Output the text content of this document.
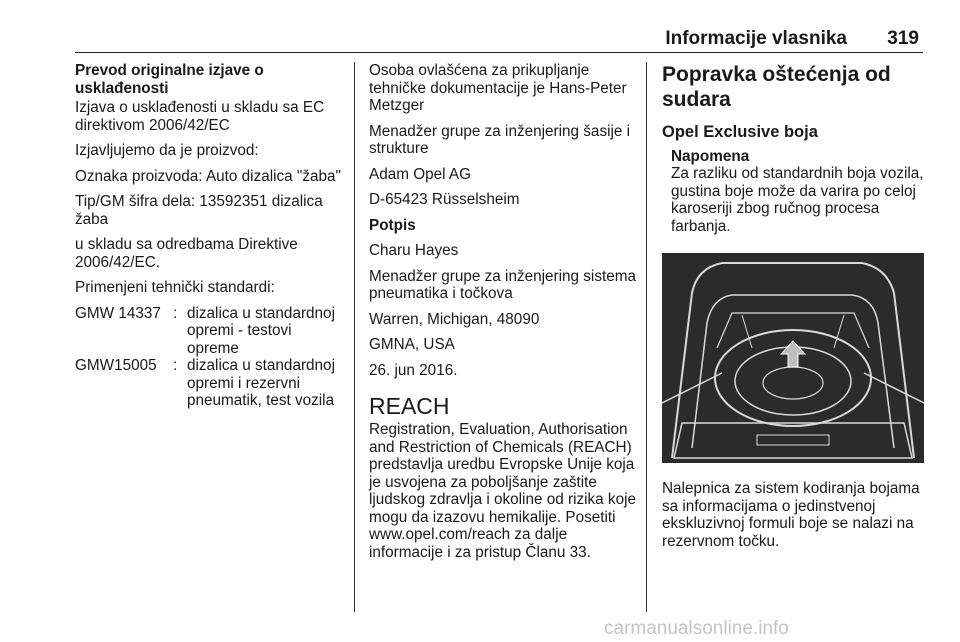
Informacije vlasnika 319

Prevod originalne izjave o usklađenosti

Izjava o usklađenosti u skladu sa EC direktivom 2006/42/EC

Izjavljujemo da je proizvod:

Oznaka proizvoda: Auto dizalica "žaba"

Tip/GM šifra dela: 13592351 dizalica žaba

u skladu sa odredbama Direktive 2006/42/EC.

Primenjeni tehnički standardi:

GMW 14337 : dizalica u standardnoj opremi - testovi opreme
GMW15005	: dizalica u standardnoj opremi i rezervni pneumatik, test vozila

Osoba ovlašćena za prikupljanje tehničke dokumentacije je Hans-Peter Metzger

Menadžer grupe za inženjering šasije i strukture

Adam Opel AG

D-65423 Rüsselsheim

Potpis

Charu Hayes

Menadžer grupe za inženjering sistema pneumatika i točkova

Warren, Michigan, 48090

GMNA, USA

26. jun 2016.

REACH

Registration, Evaluation, Authorisation and Restriction of Chemicals (REACH) predstavlja uredbu Evropske Unije koja je usvojena za poboljšanje zaštite ljudskog zdravlja i okoline od rizika koje mogu da izazovu hemikalije. Posetiti www.opel.com/reach za dalje informacije i za pristup Članu 33.

Popravka oštećenja od sudara
Opel Exclusive boja
Napomena
Za razliku od standardnih boja vozila, gustina boje može da varira po celoj karoseriji zbog ručnog procesa farbanja.
Nalepnica za sistem kodiranja bojama sa informacijama o jedinstvenoj ekskluzivnoj formuli boje se nalazi na rezervnom točku.
carmanualsonline.info
